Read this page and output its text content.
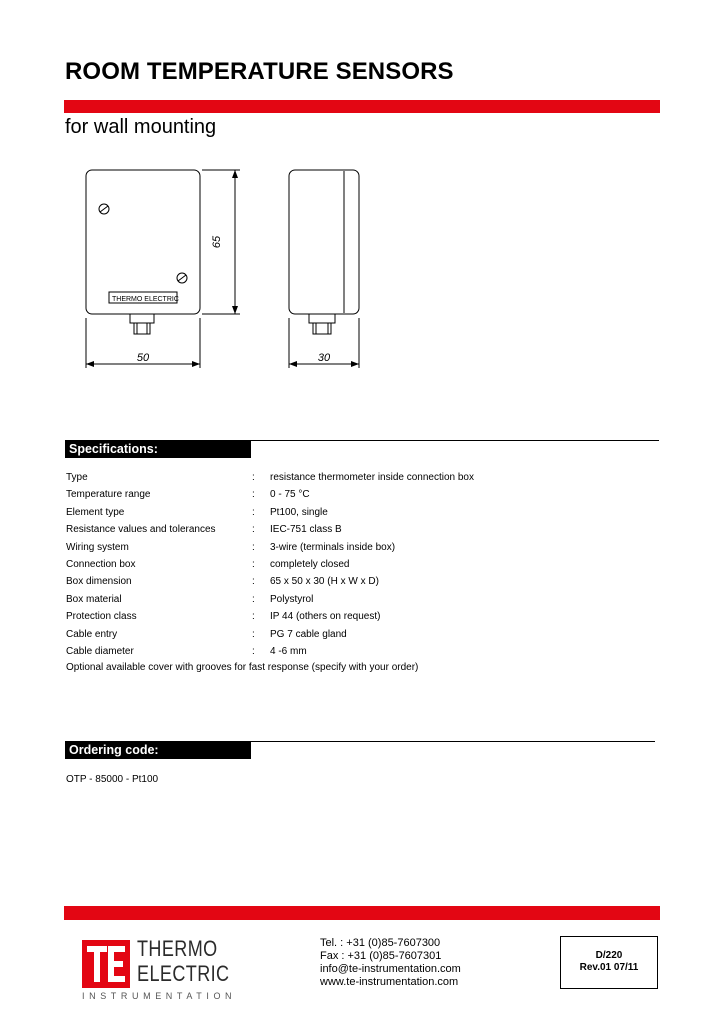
ROOM TEMPERATURE SENSORS
for wall mounting
THERMO ELECTRIC
65
50	30
Specifications:
Type	: resistance thermometer inside connection box
Temperature range	: 0 - 75 °C
Element type	: Pt100, single
Resistance values and tolerances	: IEC-751 class B
Wiring system	: 3-wire (terminals inside box)
Connection box	: completely closed
Box dimension	: 65 x 50 x 30 (H x W x D)
Box material	: Polystyrol
Protection class	: IP 44 (others on request)
Cable entry	: PG 7 cable gland
Cable diameter	: 4 -6 mm
Optional available cover with grooves for fast response (specify with your order)
Ordering code:
OTP - 85000 - Pt100
THERMO
ELECTRIC
INSTRUMENTATION
Tel. : +31 (0)85-7607300
Fax : +31 (0)85-7607301
info@te-instrumentation.com
www.te-instrumentation.com
D/220
Rev.01 07/11
